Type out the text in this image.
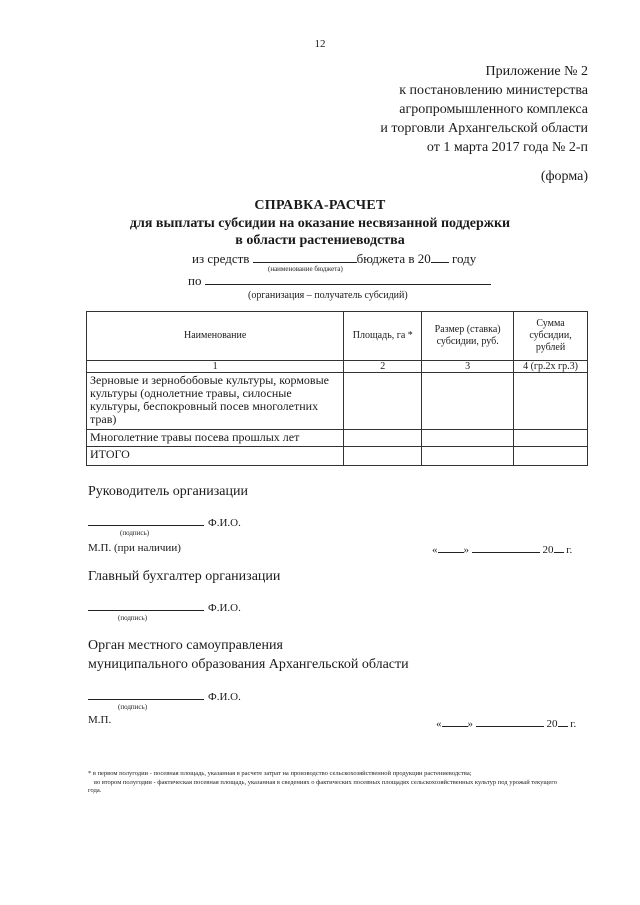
12
Приложение № 2
к постановлению министерства
агропромышленного комплекса
и торговли Архангельской области
от 1 марта 2017 года № 2-п
(форма)
СПРАВКА-РАСЧЕТ
для выплаты субсидии на оказание несвязанной поддержки
в области растениеводства
из средств	бюджета в 20 году
(наименование бюджета)
по
(организация – получатель субсидий)
Наименование	Площадь, га *	Размер (ставка) субсидии, руб.	Сумма субсидии, рублей
1	2	3	4 (гр.2х гр.3)
Зерновые и зернобобовые культуры, кормовые культуры (однолетние травы, силосные культуры, беспокровный посев многолетних трав)			
Многолетние травы посева прошлых лет			
ИТОГО			
Руководитель организации
Ф.И.О.
(подпись)
М.П. (при наличии)	« »	20 г.
Главный бухгалтер организации
Ф.И.О.
(подпись)
Орган местного самоуправления
муниципального образования Архангельской области
Ф.И.О.
(подпись)
М.П.	« »	20 г.
* в первом полугодии - посевная площадь, указанная в расчете затрат на производство сельскохозяйственной продукции растениеводства;
во втором полугодии - фактическая посевная площадь, указанная в сведениях о фактических посевных площадях сельскохозяйственных культур под урожай текущего года.
